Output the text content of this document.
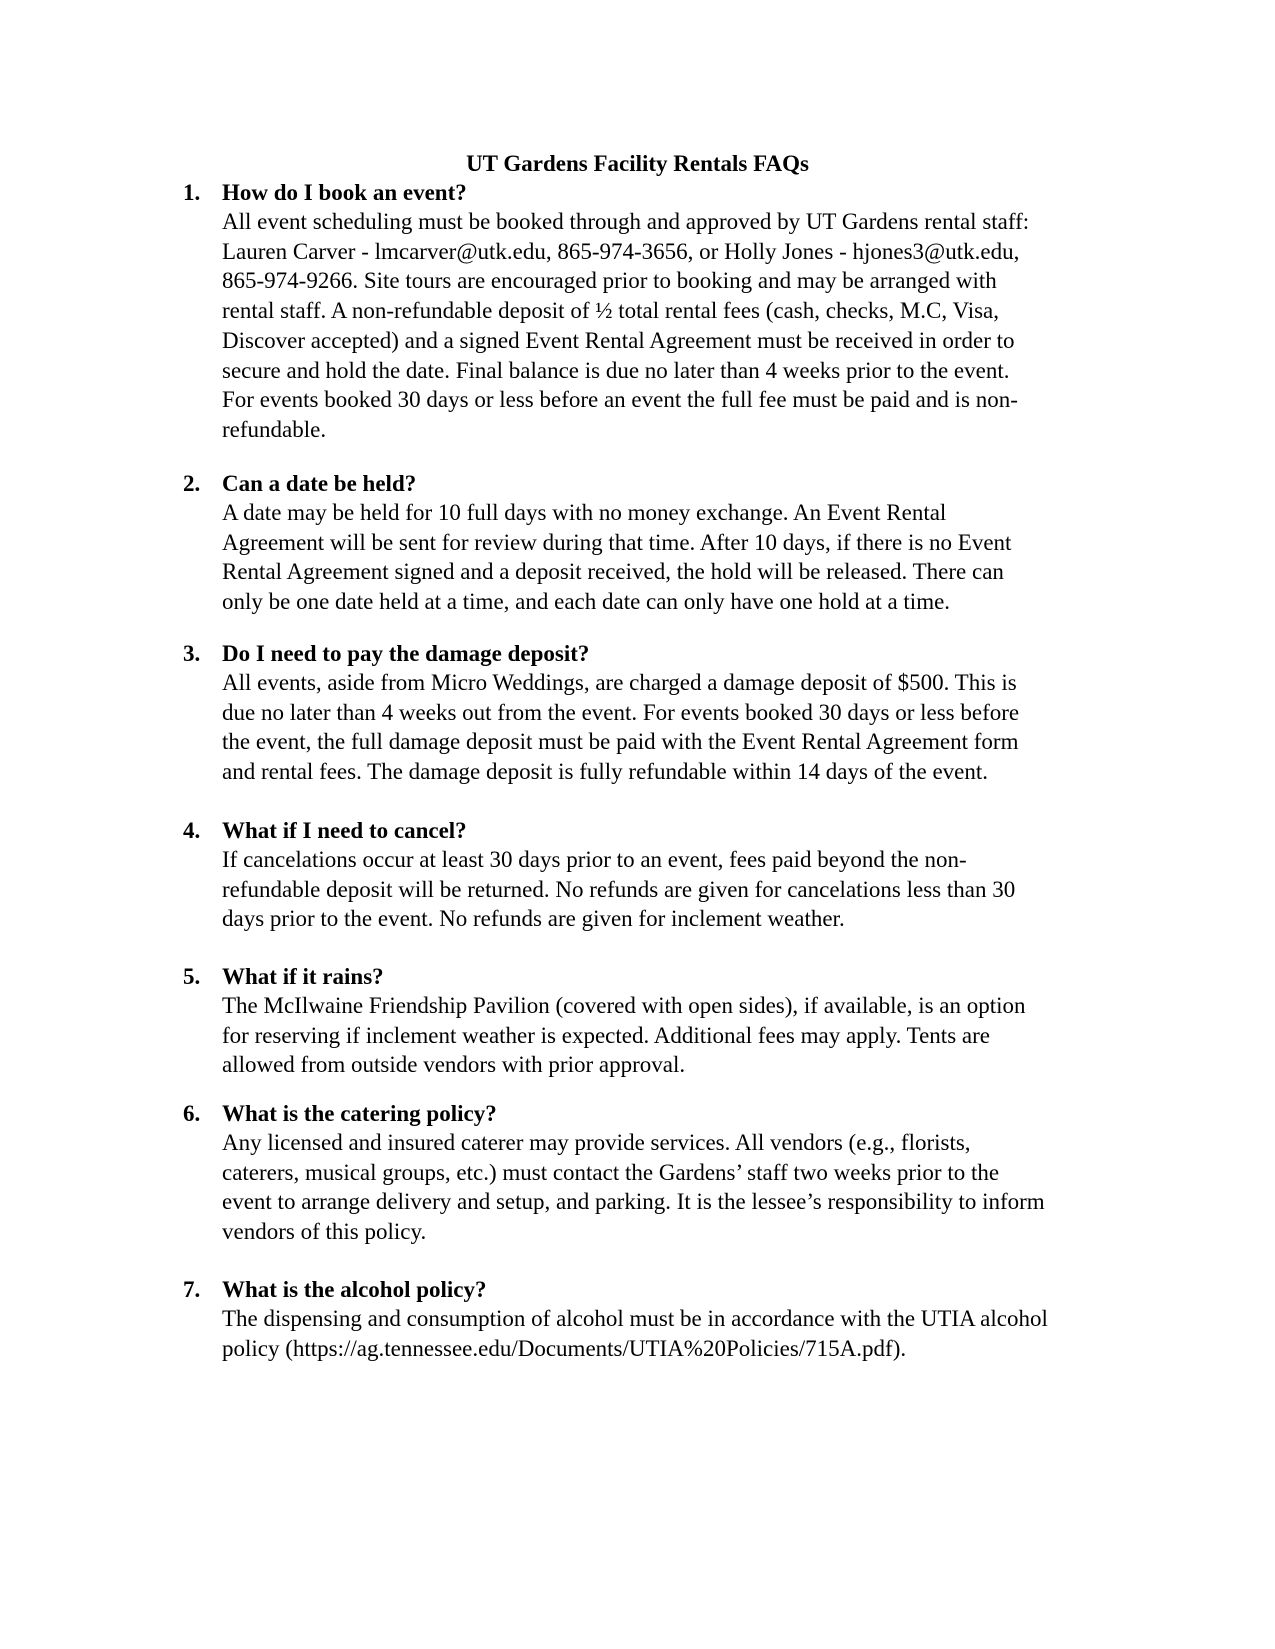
UT Gardens Facility Rentals FAQs
1. How do I book an event?

All event scheduling must be booked through and approved by UT Gardens rental staff:
Lauren Carver - lmcarver@utk.edu, 865-974-3656, or Holly Jones - hjones3@utk.edu,
865-974-9266. Site tours are encouraged prior to booking and may be arranged with
rental staff. A non-refundable deposit of ½ total rental fees (cash, checks, M.C, Visa,
Discover accepted) and a signed Event Rental Agreement must be received in order to
secure and hold the date. Final balance is due no later than 4 weeks prior to the event.
For events booked 30 days or less before an event the full fee must be paid and is non-
refundable.

2. Can a date be held?

A date may be held for 10 full days with no money exchange. An Event Rental
Agreement will be sent for review during that time. After 10 days, if there is no Event
Rental Agreement signed and a deposit received, the hold will be released. There can
only be one date held at a time, and each date can only have one hold at a time.

3. Do I need to pay the damage deposit?

All events, aside from Micro Weddings, are charged a damage deposit of $500. This is
due no later than 4 weeks out from the event. For events booked 30 days or less before
the event, the full damage deposit must be paid with the Event Rental Agreement form
and rental fees. The damage deposit is fully refundable within 14 days of the event.

4. What if I need to cancel?

If cancelations occur at least 30 days prior to an event, fees paid beyond the non-
refundable deposit will be returned. No refunds are given for cancelations less than 30
days prior to the event. No refunds are given for inclement weather.

5. What if it rains?

The McIlwaine Friendship Pavilion (covered with open sides), if available, is an option
for reserving if inclement weather is expected. Additional fees may apply. Tents are
allowed from outside vendors with prior approval.

6. What is the catering policy?

Any licensed and insured caterer may provide services. All vendors (e.g., florists,
caterers, musical groups, etc.) must contact the Gardens’ staff two weeks prior to the
event to arrange delivery and setup, and parking. It is the lessee’s responsibility to inform
vendors of this policy.

7. What is the alcohol policy?

The dispensing and consumption of alcohol must be in accordance with the UTIA alcohol
policy (https://ag.tennessee.edu/Documents/UTIA%20Policies/715A.pdf).
